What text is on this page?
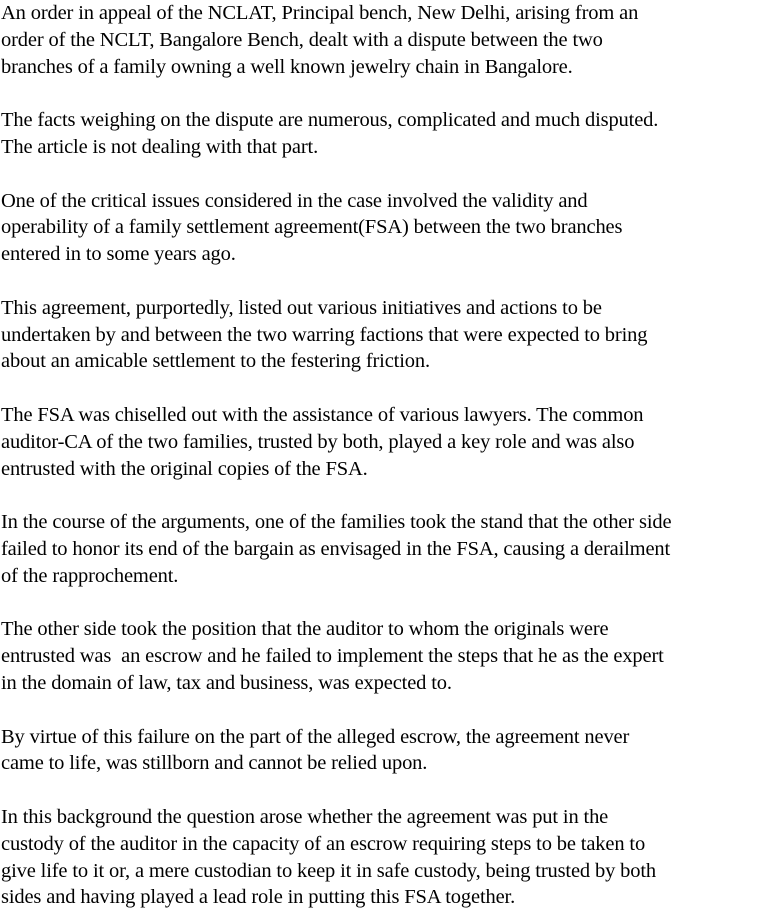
An order in appeal of the NCLAT, Principal bench, New Delhi, arising from an
order of the NCLT, Bangalore Bench, dealt with a dispute between the two
branches of a family owning a well known jewelry chain in Bangalore.

The facts weighing on the dispute are numerous, complicated and much disputed.
The article is not dealing with that part.

One of the critical issues considered in the case involved the validity and
operability of a family settlement agreement(FSA) between the two branches
entered in to some years ago.

This agreement, purportedly, listed out various initiatives and actions to be
undertaken by and between the two warring factions that were expected to bring
about an amicable settlement to the festering friction.

The FSA was chiselled out with the assistance of various lawyers. The common
auditor-CA of the two families, trusted by both, played a key role and was also
entrusted with the original copies of the FSA.

In the course of the arguments, one of the families took the stand that the other side
failed to honor its end of the bargain as envisaged in the FSA, causing a derailment
of the rapprochement.

The other side took the position that the auditor to whom the originals were
entrusted was  an escrow and he failed to implement the steps that he as the expert
in the domain of law, tax and business, was expected to.

By virtue of this failure on the part of the alleged escrow, the agreement never
came to life, was stillborn and cannot be relied upon.

In this background the question arose whether the agreement was put in the
custody of the auditor in the capacity of an escrow requiring steps to be taken to
give life to it or, a mere custodian to keep it in safe custody, being trusted by both
sides and having played a lead role in putting this FSA together.
